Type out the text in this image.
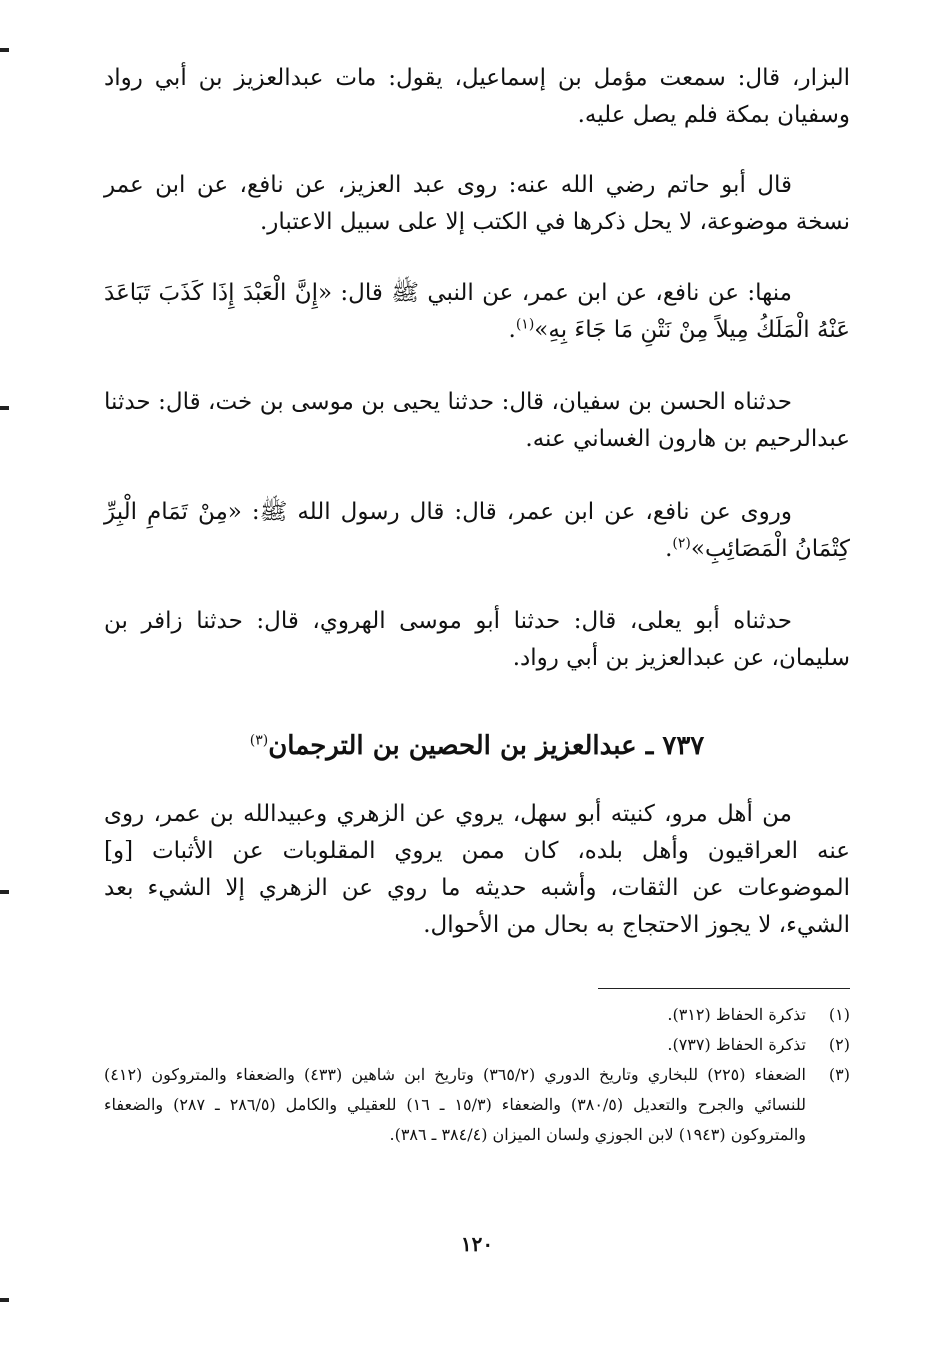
البزار، قال: سمعت مؤمل بن إسماعيل، يقول: مات عبدالعزيز بن أبي رواد وسفيان بمكة فلم يصل عليه.

قال أبو حاتم رضي الله عنه: روى عبد العزيز، عن نافع، عن ابن عمر نسخة موضوعة، لا يحل ذكرها في الكتب إلا على سبيل الاعتبار.

منها: عن نافع، عن ابن عمر، عن النبي ﷺ قال: «إِنَّ الْعَبْدَ إِذَا كَذَبَ تَبَاعَدَ عَنْهُ الْمَلَكُ مِيلاً مِنْ نَتْنِ مَا جَاءَ بِهِ»$^{(١)}$.

حدثناه الحسن بن سفيان، قال: حدثنا يحيى بن موسى بن خت، قال: حدثنا عبدالرحيم بن هارون الغساني عنه.

وروى عن نافع، عن ابن عمر، قال: قال رسول الله ﷺ: «مِنْ تَمَامِ الْبِرِّ كِتْمَانُ الْمَصَائِبِ»$^{(٢)}$.

حدثناه أبو يعلى، قال: حدثنا أبو موسى الهروي، قال: حدثنا زافر بن سليمان، عن عبدالعزيز بن أبي رواد.

من أهل مرو، كنيته أبو سهل، يروي عن الزهري وعبيدالله بن عمر، روى عنه العراقيون وأهل بلده، كان ممن يروي المقلوبات عن الأثبات [و] الموضوعات عن الثقات، وأشبه حديثه ما روي عن الزهري إلا الشيء بعد الشيء، لا يجوز الاحتجاج به بحال من الأحوال.

٧٣٧ ـ عبدالعزيز بن الحصين بن الترجمان$^{(٣)}$
(١)
تذكرة الحفاظ (٣١٢).
(٢)
تذكرة الحفاظ (٧٣٧).
(٣)
الضعفاء (٢٢٥) للبخاري وتاريخ الدوري (٣٦٥/٢) وتاريخ ابن شاهين (٤٣٣) والضعفاء والمتروكون (٤١٢) للنسائي والجرح والتعديل (٣٨٠/٥) والضعفاء (١٥/٣ ـ ١٦) للعقيلي والكامل (٢٨٦/٥ ـ ٢٨٧) والضعفاء والمتروكون (١٩٤٣) لابن الجوزي ولسان الميزان (٣٨٤/٤ ـ ٣٨٦).
١٢٠
